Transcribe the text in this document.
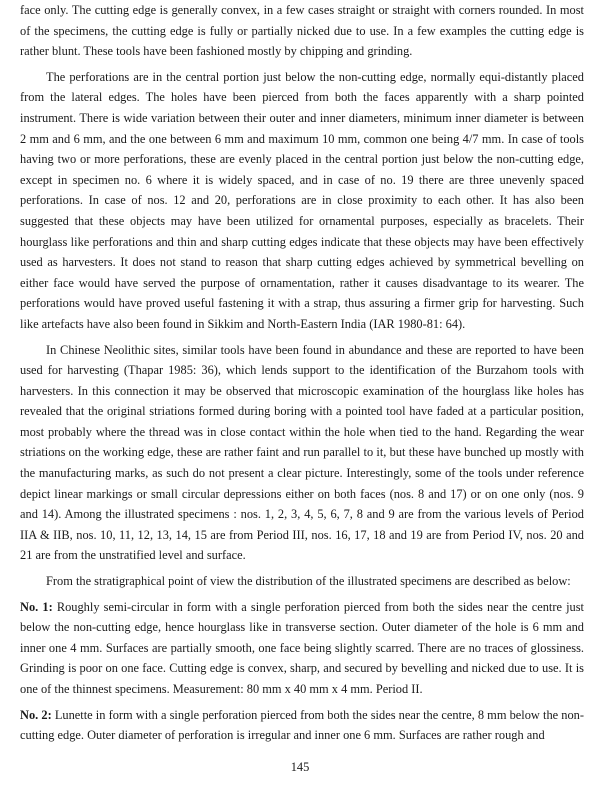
face only. The cutting edge is generally convex, in a few cases straight or straight with corners rounded. In most of the specimens, the cutting edge is fully or partially nicked due to use. In a few examples the cutting edge is rather blunt. These tools have been fashioned mostly by chipping and grinding.

The perforations are in the central portion just below the non-cutting edge, normally equi-distantly placed from the lateral edges. The holes have been pierced from both the faces apparently with a sharp pointed instrument. There is wide variation between their outer and inner diameters, minimum inner diameter is between 2 mm and 6 mm, and the one between 6 mm and maximum 10 mm, common one being 4/7 mm. In case of tools having two or more perforations, these are evenly placed in the central portion just below the non-cutting edge, except in specimen no. 6 where it is widely spaced, and in case of no. 19 there are three unevenly spaced perforations. In case of nos. 12 and 20, perforations are in close proximity to each other. It has also been suggested that these objects may have been utilized for ornamental purposes, especially as bracelets. Their hourglass like perforations and thin and sharp cutting edges indicate that these objects may have been effectively used as harvesters. It does not stand to reason that sharp cutting edges achieved by symmetrical bevelling on either face would have served the purpose of ornamentation, rather it causes disadvantage to its wearer. The perforations would have proved useful fastening it with a strap, thus assuring a firmer grip for harvesting. Such like artefacts have also been found in Sikkim and North-Eastern India (IAR 1980-81: 64).

In Chinese Neolithic sites, similar tools have been found in abundance and these are reported to have been used for harvesting (Thapar 1985: 36), which lends support to the identification of the Burzahom tools with harvesters. In this connection it may be observed that microscopic examination of the hourglass like holes has revealed that the original striations formed during boring with a pointed tool have faded at a particular position, most probably where the thread was in close contact within the hole when tied to the hand. Regarding the wear striations on the working edge, these are rather faint and run parallel to it, but these have bunched up mostly with the manufacturing marks, as such do not present a clear picture. Interestingly, some of the tools under reference depict linear markings or small circular depressions either on both faces (nos. 8 and 17) or on one only (nos. 9 and 14). Among the illustrated specimens : nos. 1, 2, 3, 4, 5, 6, 7, 8 and 9 are from the various levels of Period IIA & IIB, nos. 10, 11, 12, 13, 14, 15 are from Period III, nos. 16, 17, 18 and 19 are from Period IV, nos. 20 and 21 are from the unstratified level and surface.

From the stratigraphical point of view the distribution of the illustrated specimens are described as below:

No. 1: Roughly semi-circular in form with a single perforation pierced from both the sides near the centre just below the non-cutting edge, hence hourglass like in transverse section. Outer diameter of the hole is 6 mm and inner one 4 mm. Surfaces are partially smooth, one face being slightly scarred. There are no traces of glossiness. Grinding is poor on one face. Cutting edge is convex, sharp, and secured by bevelling and nicked due to use. It is one of the thinnest specimens. Measurement: 80 mm x 40 mm x 4 mm. Period II.

No. 2: Lunette in form with a single perforation pierced from both the sides near the centre, 8 mm below the non-cutting edge. Outer diameter of perforation is irregular and inner one 6 mm. Surfaces are rather rough and

145
